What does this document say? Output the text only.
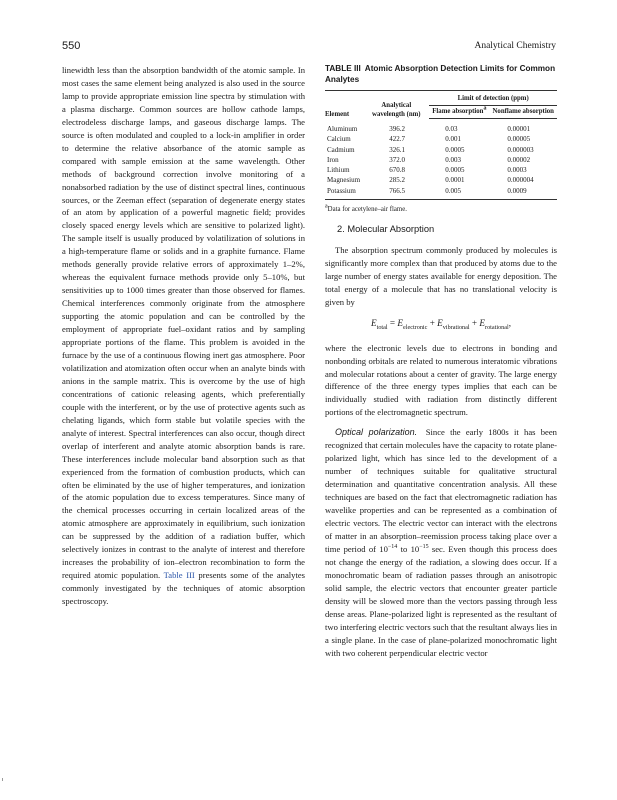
550	Analytical Chemistry

linewidth less than the absorption bandwidth of the atomic sample. In most cases the same element being analyzed is also used in the source lamp to provide appropriate emission line spectra by stimulation with a plasma discharge. Common sources are hollow cathode lamps, electrodeless discharge lamps, and gaseous discharge lamps. The source is often modulated and coupled to a lock-in amplifier in order to determine the relative absorbance of the atomic sample as compared with sample emission at the same wavelength. Other methods of background correction involve monitoring of a nonabsorbed radiation by the use of distinct spectral lines, continuous sources, or the Zeeman effect (separation of degenerate energy states of an atom by application of a powerful magnetic field; provides closely spaced energy levels which are sensitive to polarized light). The sample itself is usually produced by volatilization of solutions in a high-temperature flame or solids and in a graphite furnance. Flame methods generally provide relative errors of approximately 1–2%, whereas the equivalent furnace methods provide only 5–10%, but sensitivities up to 1000 times greater than those observed for flames. Chemical interferences commonly originate from the atmosphere supporting the atomic population and can be controlled by the employment of appropriate fuel–oxidant ratios and by sampling appropriate portions of the flame. This problem is avoided in the furnace by the use of a continuous flowing inert gas atmosphere. Poor volatilization and atomization often occur when an analyte binds with anions in the sample matrix. This is overcome by the use of high concentrations of cationic releasing agents, which preferentially couple with the interferent, or by the use of protective agents such as chelating ligands, which form stable but volatile species with the analyte of interest. Spectral interferences can also occur, though direct overlap of interferent and analyte atomic absorption bands is rare. These interferences include molecular band absorption such as that experienced from the formation of combustion products, which can often be eliminated by the use of higher temperatures, and ionization of the atomic population due to excess temperatures. Since many of the chemical processes occurring in certain localized areas of the atomic atmosphere are approximately in equilibrium, such ionization can be suppressed by the addition of a radiation buffer, which selectively ionizes in contrast to the analyte of interest and therefore increases the probability of ion–electron recombination to form the required atomic population. Table III presents some of the analytes commonly investigated by the techniques of atomic absorption spectroscopy.

TABLE III Atomic Absorption Detection Limits for Common Analytes
Element	Analytical wavelength (nm)	Limit of detection (ppm)	
		Flame absorption$^a$	Nonflame absorption
Aluminum	396.2	0.03	0.00001
Calcium	422.7	0.001	0.00005
Cadmium	326.1	0.0005	0.000003
Iron	372.0	0.003	0.00002
Lithium	670.8	0.0005	0.0003
Magnesium	285.2	0.0001	0.000004
Potassium	766.5	0.005	0.0009
$^a$Data for acetylene–air flame.
2. Molecular Absorption

The absorption spectrum commonly produced by molecules is significantly more complex than that produced by atoms due to the large number of energy states available for energy deposition. The total energy of a molecule that has no translational velocity is given by

$E_{total} = E_{electronic} + E_{vibrational} + E_{rotational}$,

where the electronic levels due to electrons in bonding and nonbonding orbitals are related to numerous interatomic vibrations and molecular rotations about a center of gravity. The large energy difference of the three energy types implies that each can be individually studied with radiation from distinctly different portions of the electromagnetic spectrum.

Optical polarization.  Since the early 1800s it has been recognized that certain molecules have the capacity to rotate plane-polarized light, which has since led to the development of a number of techniques suitable for qualitative structural determination and quantitative concentration analysis. All these techniques are based on the fact that electromagnetic radiation has wavelike properties and can be represented as a combination of electric vectors. The electric vector can interact with the electrons of matter in an absorption–reemission process taking place over a time period of $10^{-14}$ to $10^{-15}$ sec. Even though this process does not change the energy of the radiation, a slowing does occur. If a monochromatic beam of radiation passes through an anisotropic solid sample, the electric vectors that encounter greater particle density will be slowed more than the vectors passing through less dense areas. Plane-polarized light is represented as the resultant of two interfering electric vectors such that the resultant always lies in a single plane. In the case of plane-polarized monochromatic light with two coherent perpendicular electric vector
